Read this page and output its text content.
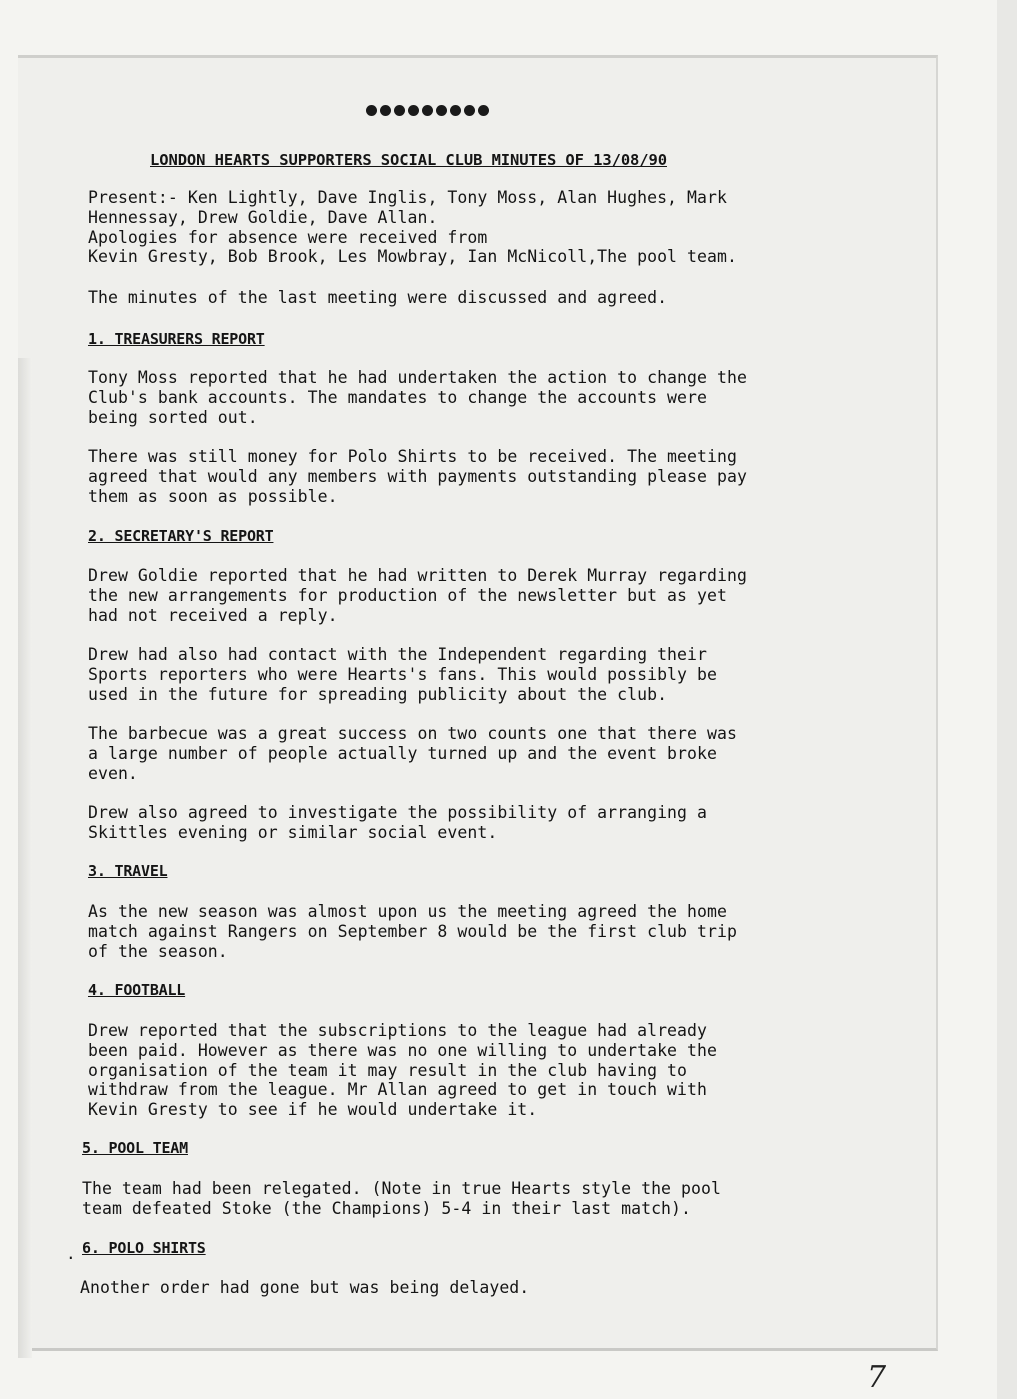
LONDON HEARTS SUPPORTERS SOCIAL CLUB MINUTES OF 13/08/90
Present:- Ken Lightly, Dave Inglis, Tony Moss, Alan Hughes, Mark
Hennessay, Drew Goldie, Dave Allan.
Apologies for absence were received from
Kevin Gresty, Bob Brook, Les Mowbray, Ian McNicoll,The pool team.
The minutes of the last meeting were discussed and agreed.
1. TREASURERS REPORT
Tony Moss reported that he had undertaken the action to change the
Club's bank accounts. The mandates to change the accounts were
being sorted out.
There was still money for Polo Shirts to be received. The meeting
agreed that would any members with payments outstanding please pay
them as soon as possible.
2. SECRETARY'S REPORT
Drew Goldie reported that he had written to Derek Murray regarding
the new arrangements for production of the newsletter but as yet
had not received a reply.
Drew had also had contact with the Independent regarding their
Sports reporters who were Hearts's fans. This would possibly be
used in the future for spreading publicity about the club.
The barbecue was a great success on two counts one that there was
a large number of people actually turned up and the event broke
even.
Drew also agreed to investigate the possibility of arranging a
Skittles evening or similar social event.
3. TRAVEL
As the new season was almost upon us the meeting agreed the home
match against Rangers on September 8 would be the first club trip
of the season.
4. FOOTBALL
Drew reported that the subscriptions to the league had already
been paid. However as there was no one willing to undertake the
organisation of the team it may result in the club having to
withdraw from the league. Mr Allan agreed to get in touch with
Kevin Gresty to see if he would undertake it.
5. POOL TEAM
The team had been relegated. (Note in true Hearts style the pool
team defeated Stoke (the Champions) 5-4 in their last match).
. 6. POLO SHIRTS
Another order had gone but was being delayed.
7
